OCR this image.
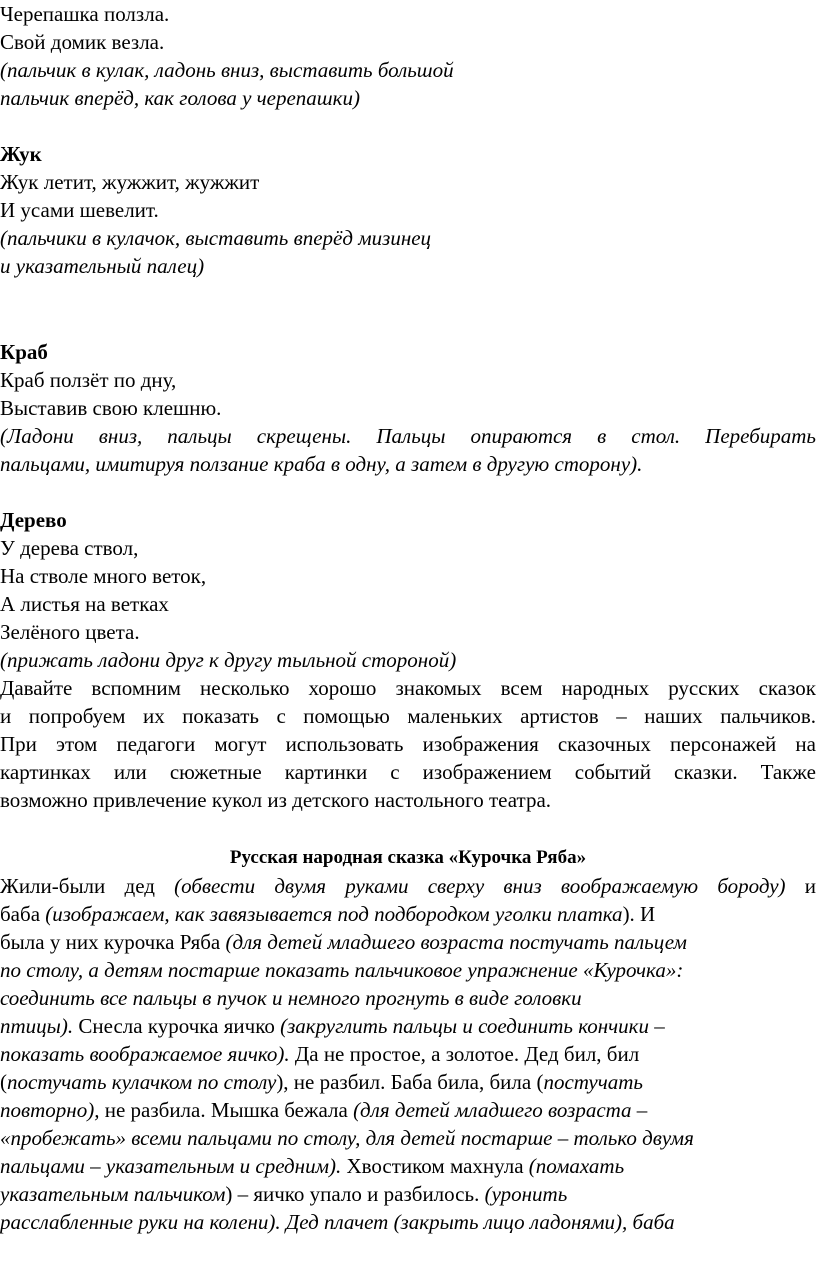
Черепашка ползла.
Свой домик везла.
(пальчик в кулак, ладонь вниз, выставить большой
пальчик вперёд, как голова у черепашки)
Жук
Жук летит, жужжит, жужжит
И усами шевелит.
(пальчики в кулачок, выставить вперёд мизинец
и указательный палец)
Краб
Краб ползёт по дну,
Выставив свою клешню.
(Ладони вниз, пальцы скрещены. Пальцы опираются в стол. Перебирать
пальцами, имитируя ползание краба в одну, а затем в другую сторону).
Дерево
У дерева ствол,
На стволе много веток,
А листья на ветках
Зелёного цвета.
(прижать ладони друг к другу тыльной стороной)
Давайте вспомним несколько хорошо знакомых всем народных русских сказок
и попробуем их показать с помощью маленьких артистов – наших пальчиков.
При этом педагоги могут использовать изображения сказочных персонажей на
картинках или сюжетные картинки с изображением событий сказки. Также
возможно привлечение кукол из детского настольного театра.
Русская народная сказка «Курочка Ряба»
Жили-были дед (обвести двумя руками сверху вниз воображаемую бороду) и
баба (изображаем, как завязывается под подбородком уголки платка). И
была у них курочка Ряба (для детей младшего возраста постучать пальцем
по столу, а детям постарше показать пальчиковое упражнение «Курочка»:
соединить все пальцы в пучок и немного прогнуть в виде головки
птицы). Снесла курочка яичко (закруглить пальцы и соединить кончики –
показать воображаемое яичко). Да не простое, а золотое. Дед бил, бил
(постучать кулачком по столу), не разбил. Баба била, била (постучать
повторно), не разбила. Мышка бежала (для детей младшего возраста –
«пробежать» всеми пальцами по столу, для детей постарше – только двумя
пальцами – указательным и средним). Хвостиком махнула (помахать
указательным пальчиком) – яичко упало и разбилось. (уронить
расслабленные руки на колени). Дед плачет (закрыть лицо ладонями), баба
